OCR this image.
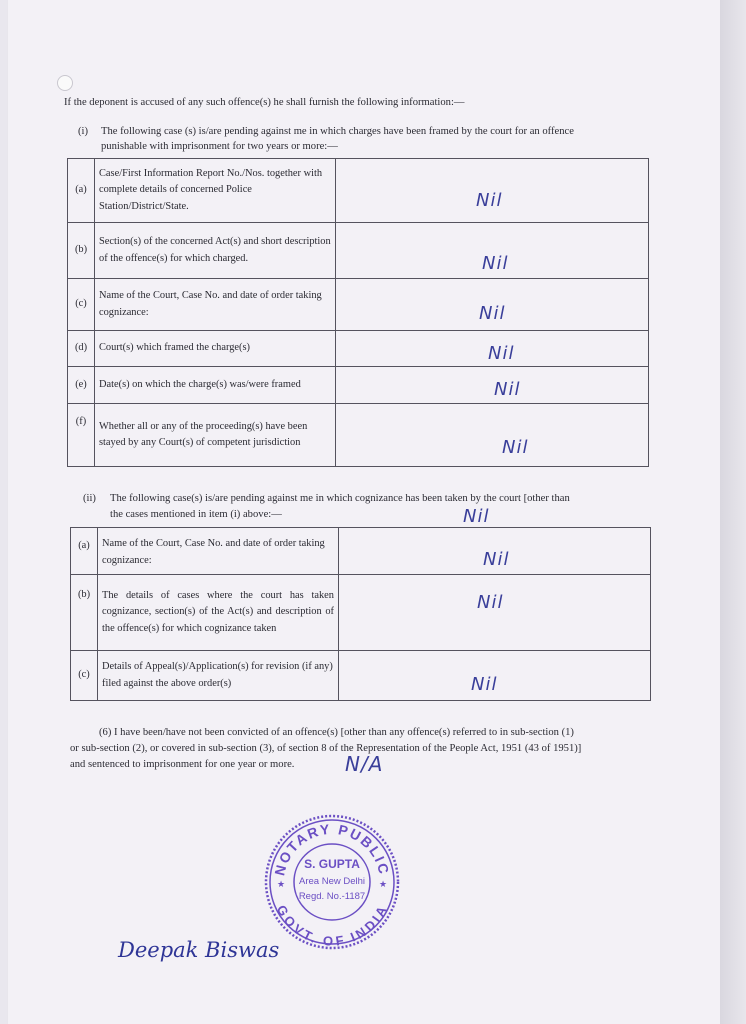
If the deponent is accused of any such offence(s) he shall furnish the following information:—
(i) The following case (s) is/are pending against me in which charges have been framed by the court for an offence
punishable with imprisonment for two years or more:—
(a)	Case/First Information Report No./Nos. together with complete details of concerned Police Station/District/State.	Nil

(b)	Section(s) of the concerned Act(s) and short description of the offence(s) for which charged.	Nil

(c)	Name of the Court, Case No. and date of order taking cognizance:	Nil

(d)	Court(s) which framed the charge(s)	Nil

(e)	Date(s) on which the charge(s) was/were framed	Nil

(f)	Whether all or any of the proceeding(s) have been stayed by any Court(s) of competent jurisdiction	Nil
(ii) The following case(s) is/are pending against me in which cognizance has been taken by the court [other than
the cases mentioned in item (i) above:—	Nil
(a)	Name of the Court, Case No. and date of order taking cognizance:	Nil

(b)	The details of cases where the court has taken cognizance, section(s) of the Act(s) and description of the offence(s) for which cognizance taken	Nil

(c)	Details of Appeal(s)/Application(s) for revision (if any) filed against the above order(s)	Nil
(6) I have been/have not been convicted of an offence(s) [other than any offence(s) referred to in sub-section (1)
or sub-section (2), or covered in sub-section (3), of section 8 of the Representation of the People Act, 1951 (43 of 1951)]
and sentenced to imprisonment for one year or more.	N/A
NOTARY PUBLIC
GOVT. OF INDIA
S. GUPTA
Area New Delhi
Regd. No.-1187
★	★
Deepak Biswas
